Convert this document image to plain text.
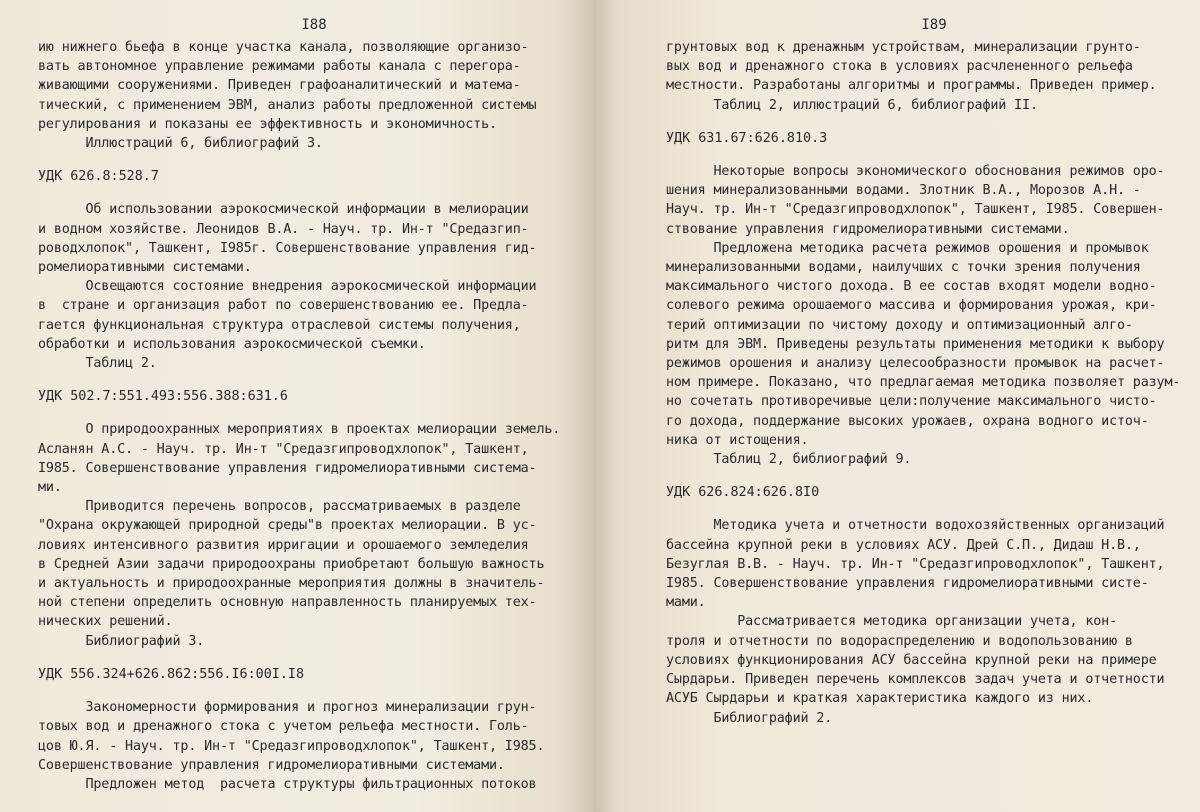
I88
ию нижнего бьефа в конце участка канала, позволяющие организо-
вать автономное управление режимами работы канала с перегора-
живающими сооружениями. Приведен графоаналитический и матема-
тический, с применением ЭВМ, анализ работы предложенной системы
регулирования и показаны ее эффективность и экономичность.
Иллюстраций 6, библиографий 3.
УДК 626.8:528.7
Об использовании аэрокосмической информации в мелиорации
и водном хозяйстве. Леонидов В.А. - Науч. тр. Ин-т "Средазгип-
роводхлопок", Ташкент, I985г. Совершенствование управления гид-
ромелиоративными системами.
Освещаются состояние внедрения аэрокосмической информации
в  стране и организация работ по совершенствованию ее. Предла-
гается функциональная структура отраслевой системы получения,
обработки и использования аэрокосмической съемки.
Таблиц 2.
УДК 502.7:551.493:556.388:631.6
О природоохранных мероприятиях в проектах мелиорации земель.
Асланян А.С. - Науч. тр. Ин-т "Средазгипроводхлопок", Ташкент,
I985. Совершенствование управления гидромелиоративными система-
ми.
Приводится перечень вопросов, рассматриваемых в разделе
"Охрана окружающей природной среды"в проектах мелиорации. В ус-
ловиях интенсивного развития ирригации и орошаемого земледелия
в Средней Азии задачи природоохраны приобретают большую важность
и актуальность и природоохранные мероприятия должны в значитель-
ной степени определить основную направленность планируемых тех-
нических решений.
Библиографий 3.
УДК 556.324+626.862:556.I6:00I.I8
Закономерности формирования и прогноз минерализации грун-
товых вод и дренажного стока с учетом рельефа местности. Голь-
цов Ю.Я. - Науч. тр. Ин-т "Средазгипроводхлопок", Ташкент, I985.
Совершенствование управления гидромелиоративными системами.
Предложен метод  расчета структуры фильтрационных потоков
I89
грунтовых вод к дренажным устройствам, минерализации грунто-
вых вод и дренажного стока в условиях расчлененного рельефа
местности. Разработаны алгоритмы и программы. Приведен пример.
Таблиц 2, иллюстраций 6, библиографий II.
УДК 631.67:626.810.3
Некоторые вопросы экономического обоснования режимов оро-
шения минерализованными водами. Злотник В.А., Морозов А.Н. -
Науч. тр. Ин-т "Средазгипроводхлопок", Ташкент, I985. Совершен-
ствование управления гидромелиоративными системами.
Предложена методика расчета режимов орошения и промывок
минерализованными водами, наилучших с точки зрения получения
максимального чистого дохода. В ее состав входят модели водно-
солевого режима орошаемого массива и формирования урожая, кри-
терий оптимизации по чистому доходу и оптимизационный алго-
ритм для ЭВМ. Приведены результаты применения методики к выбору
режимов орошения и анализу целесообразности промывок на расчет-
ном примере. Показано, что предлагаемая методика позволяет разум-
но сочетать противоречивые цели:получение максимального чисто-
го дохода, поддержание высоких урожаев, охрана водного источ-
ника от истощения.
Таблиц 2, библиографий 9.
УДК 626.824:626.8I0
Методика учета и отчетности водохозяйственных организаций
бассейна крупной реки в условиях АСУ. Дрей С.П., Дидаш Н.В.,
Безуглая В.В. - Науч. тр. Ин-т "Средазгипроводхлопок", Ташкент,
I985. Совершенствование управления гидромелиоративными систе-
мами.
Рассматривается методика организации учета, кон-
троля и отчетности по водораспределению и водопользованию в
условиях функционирования АСУ бассейна крупной реки на примере
Сырдарьи. Приведен перечень комплексов задач учета и отчетности
АСУБ Сырдарьи и краткая характеристика каждого из них.
Библиографий 2.
